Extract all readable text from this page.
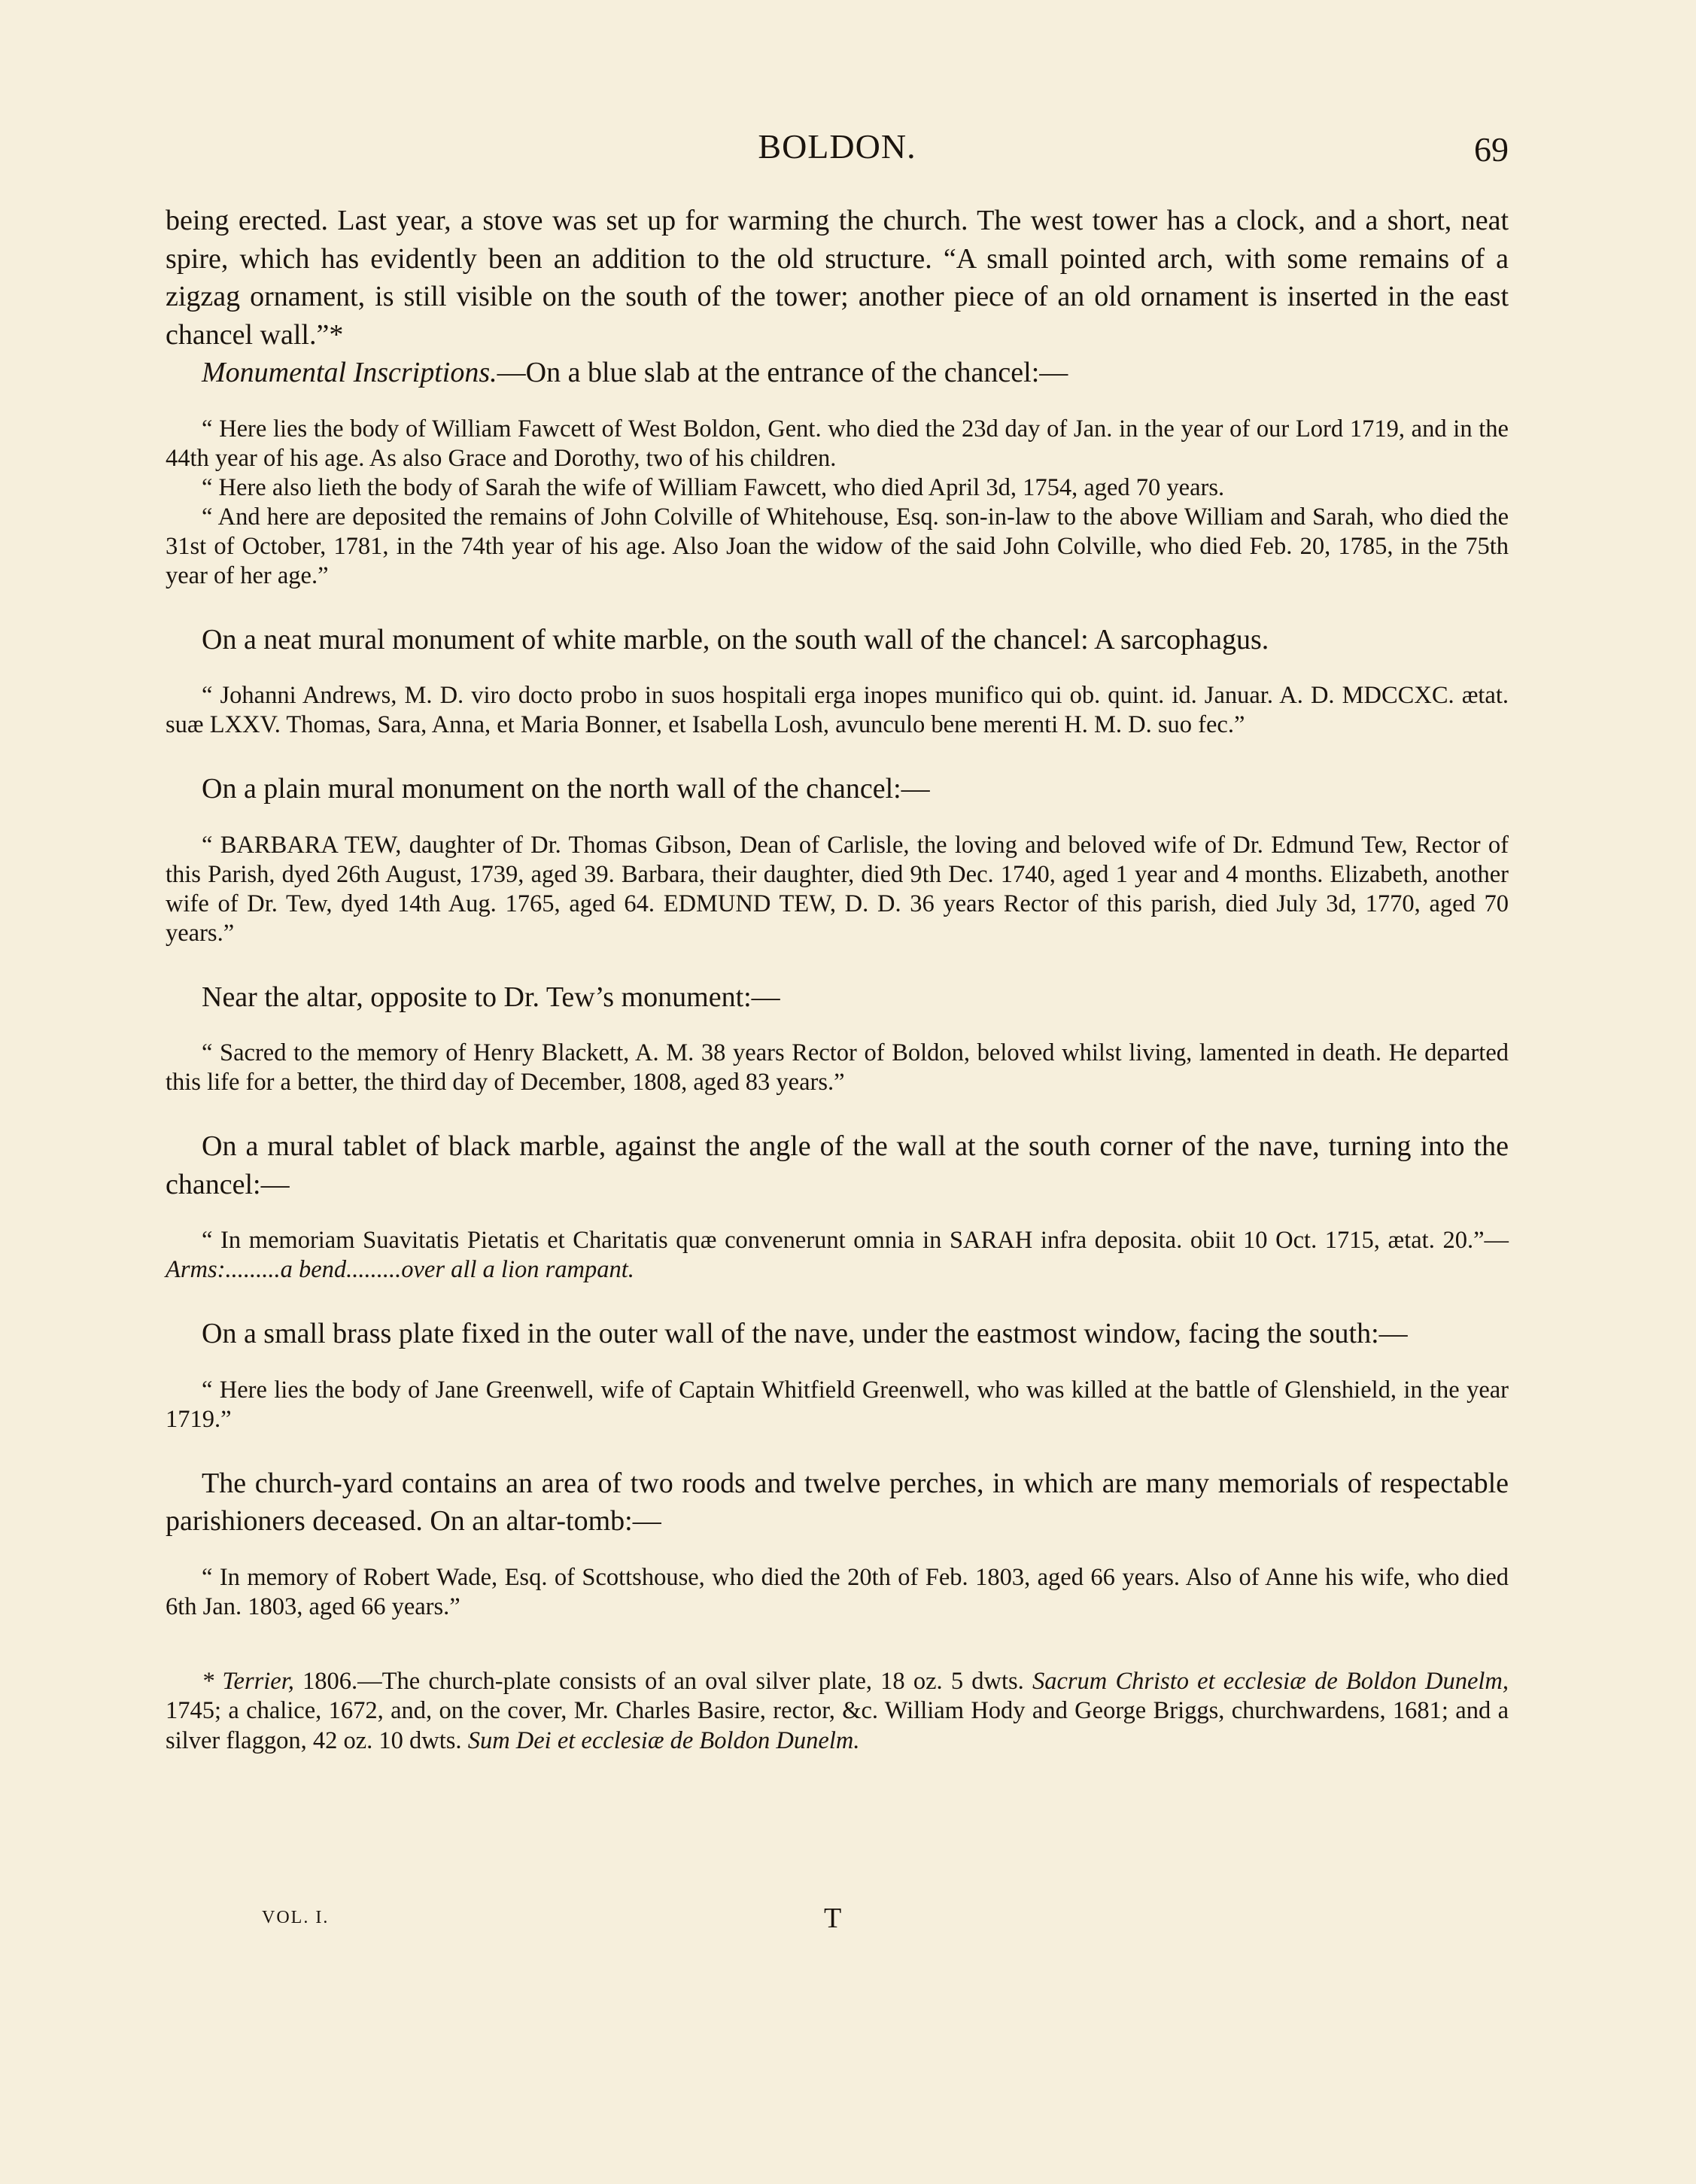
BOLDON.	69

being erected. Last year, a stove was set up for warming the church. The west tower has a clock, and a short, neat spire, which has evidently been an addition to the old structure. “A small pointed arch, with some remains of a zigzag ornament, is still visible on the south of the tower; another piece of an old ornament is inserted in the east chancel wall.”*

Monumental Inscriptions.—On a blue slab at the entrance of the chancel:—

“ Here lies the body of William Fawcett of West Boldon, Gent. who died the 23d day of Jan. in the year of our Lord 1719, and in the 44th year of his age. As also Grace and Dorothy, two of his children.

“ Here also lieth the body of Sarah the wife of William Fawcett, who died April 3d, 1754, aged 70 years.

“ And here are deposited the remains of John Colville of Whitehouse, Esq. son-in-law to the above William and Sarah, who died the 31st of October, 1781, in the 74th year of his age. Also Joan the widow of the said John Colville, who died Feb. 20, 1785, in the 75th year of her age.”

On a neat mural monument of white marble, on the south wall of the chancel: A sarcophagus.

“ Johanni Andrews, M. D. viro docto probo in suos hospitali erga inopes munifico qui ob. quint. id. Januar. A. D. MDCCXC. ætat. suæ LXXV. Thomas, Sara, Anna, et Maria Bonner, et Isabella Losh, avunculo bene merenti H. M. D. suo fec.”

On a plain mural monument on the north wall of the chancel:—

“ BARBARA TEW, daughter of Dr. Thomas Gibson, Dean of Carlisle, the loving and beloved wife of Dr. Edmund Tew, Rector of this Parish, dyed 26th August, 1739, aged 39. Barbara, their daughter, died 9th Dec. 1740, aged 1 year and 4 months. Elizabeth, another wife of Dr. Tew, dyed 14th Aug. 1765, aged 64. EDMUND TEW, D. D. 36 years Rector of this parish, died July 3d, 1770, aged 70 years.”

Near the altar, opposite to Dr. Tew’s monument:—

“ Sacred to the memory of Henry Blackett, A. M. 38 years Rector of Boldon, beloved whilst living, lamented in death. He departed this life for a better, the third day of December, 1808, aged 83 years.”

On a mural tablet of black marble, against the angle of the wall at the south corner of the nave, turning into the chancel:—

“ In memoriam Suavitatis Pietatis et Charitatis quæ convenerunt omnia in SARAH infra deposita. obiit 10 Oct. 1715, ætat. 20.”—Arms:.........a bend.........over all a lion rampant.

On a small brass plate fixed in the outer wall of the nave, under the eastmost window, facing the south:—

“ Here lies the body of Jane Greenwell, wife of Captain Whitfield Greenwell, who was killed at the battle of Glenshield, in the year 1719.”

The church-yard contains an area of two roods and twelve perches, in which are many memorials of respectable parishioners deceased. On an altar-tomb:—

“ In memory of Robert Wade, Esq. of Scottshouse, who died the 20th of Feb. 1803, aged 66 years. Also of Anne his wife, who died 6th Jan. 1803, aged 66 years.”

* Terrier, 1806.—The church-plate consists of an oval silver plate, 18 oz. 5 dwts. Sacrum Christo et ecclesiæ de Boldon Dunelm, 1745; a chalice, 1672, and, on the cover, Mr. Charles Basire, rector, &c. William Hody and George Briggs, churchwardens, 1681; and a silver flaggon, 42 oz. 10 dwts. Sum Dei et ecclesiæ de Boldon Dunelm.

VOL. I.	T
